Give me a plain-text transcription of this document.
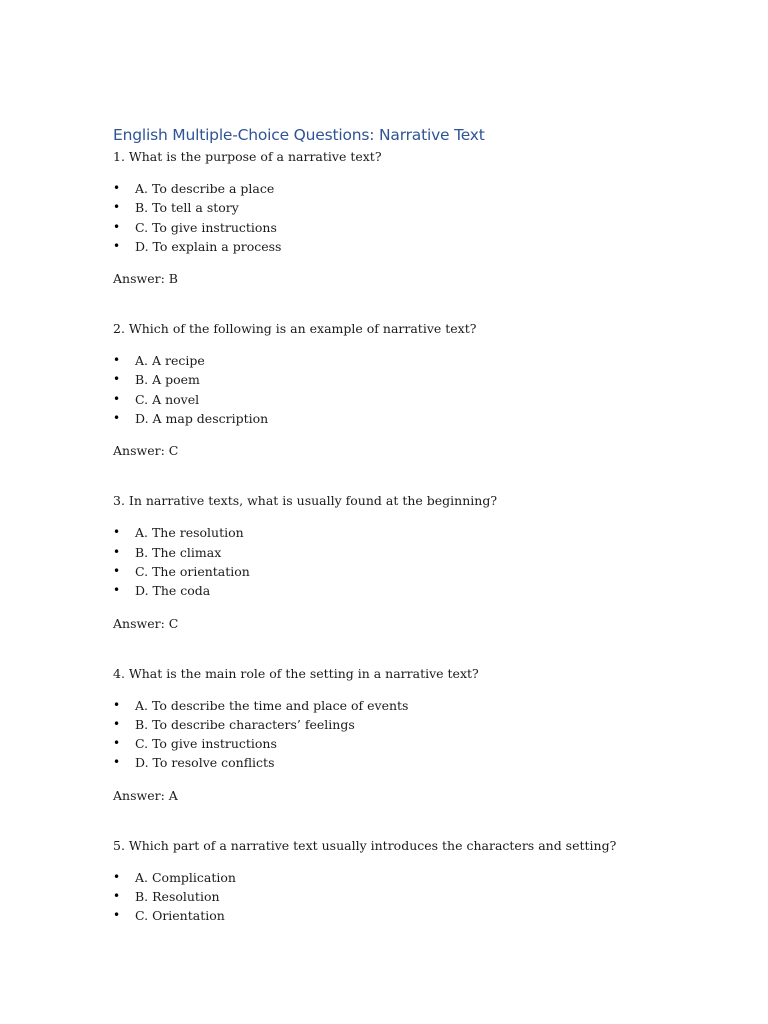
English Multiple-Choice Questions: Narrative Text

1. What is the purpose of a narrative text?

• A. To describe a place
• B. To tell a story
• C. To give instructions
• D. To explain a process

Answer: B

2. Which of the following is an example of narrative text?

• A. A recipe
• B. A poem
• C. A novel
• D. A map description

Answer: C

3. In narrative texts, what is usually found at the beginning?

• A. The resolution
• B. The climax
• C. The orientation
• D. The coda

Answer: C

4. What is the main role of the setting in a narrative text?

• A. To describe the time and place of events
• B. To describe characters’ feelings
• C. To give instructions
• D. To resolve conflicts

Answer: A

5. Which part of a narrative text usually introduces the characters and setting?

• A. Complication
• B. Resolution
• C. Orientation
